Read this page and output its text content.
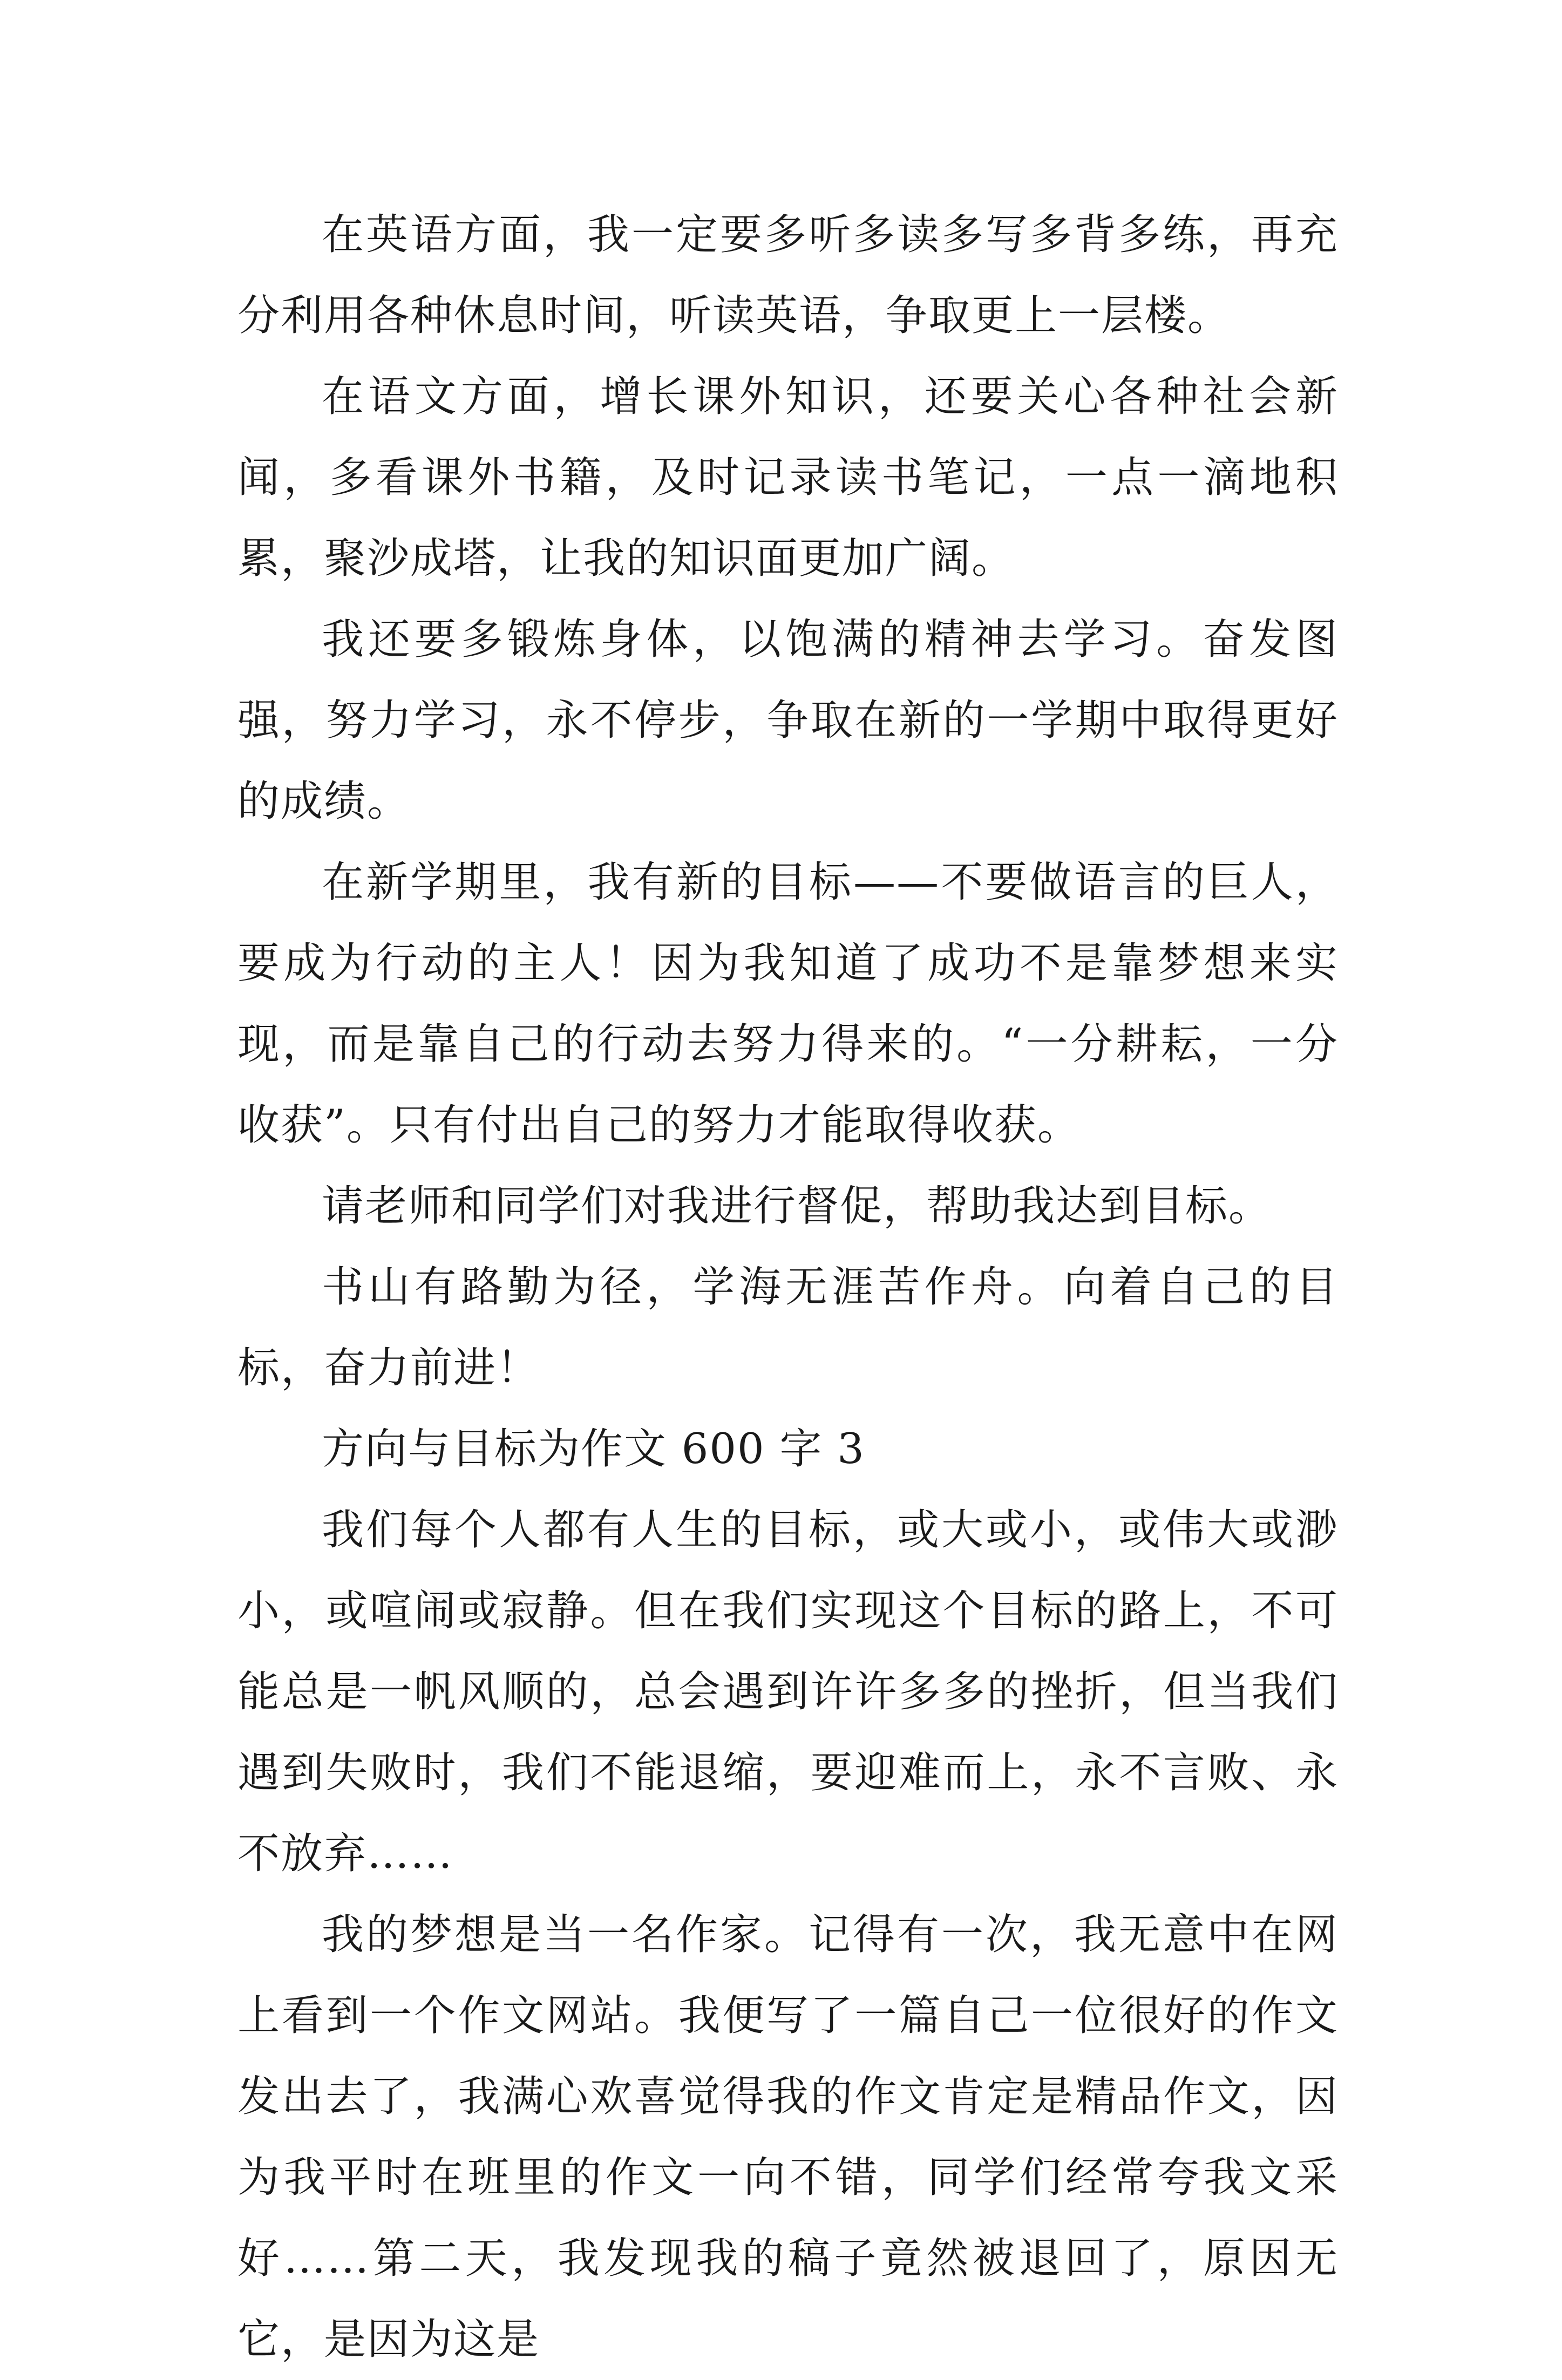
在英语方面，我一定要多听多读多写多背多练，再充分利用各种休息时间，听读英语，争取更上一层楼。

在语文方面，增长课外知识，还要关心各种社会新闻，多看课外书籍，及时记录读书笔记，一点一滴地积累，聚沙成塔，让我的知识面更加广阔。

我还要多锻炼身体，以饱满的精神去学习。奋发图强，努力学习，永不停步，争取在新的一学期中取得更好的成绩。

在新学期里，我有新的目标——不要做语言的巨人，要成为行动的主人！因为我知道了成功不是靠梦想来实现，而是靠自己的行动去努力得来的。“一分耕耘，一分收获”。只有付出自己的努力才能取得收获。

请老师和同学们对我进行督促，帮助我达到目标。

书山有路勤为径，学海无涯苦作舟。向着自己的目标，奋力前进！

方向与目标为作文 600 字 3

我们每个人都有人生的目标，或大或小，或伟大或渺小，或喧闹或寂静。但在我们实现这个目标的路上，不可能总是一帆风顺的，总会遇到许许多多的挫折，但当我们遇到失败时，我们不能退缩，要迎难而上，永不言败、永不放弃……

我的梦想是当一名作家。记得有一次，我无意中在网上看到一个作文网站。我便写了一篇自己一位很好的作文发出去了，我满心欢喜觉得我的作文肯定是精品作文，因为我平时在班里的作文一向不错，同学们经常夸我文采好……第二天，我发现我的稿子竟然被退回了，原因无它，是因为这是
